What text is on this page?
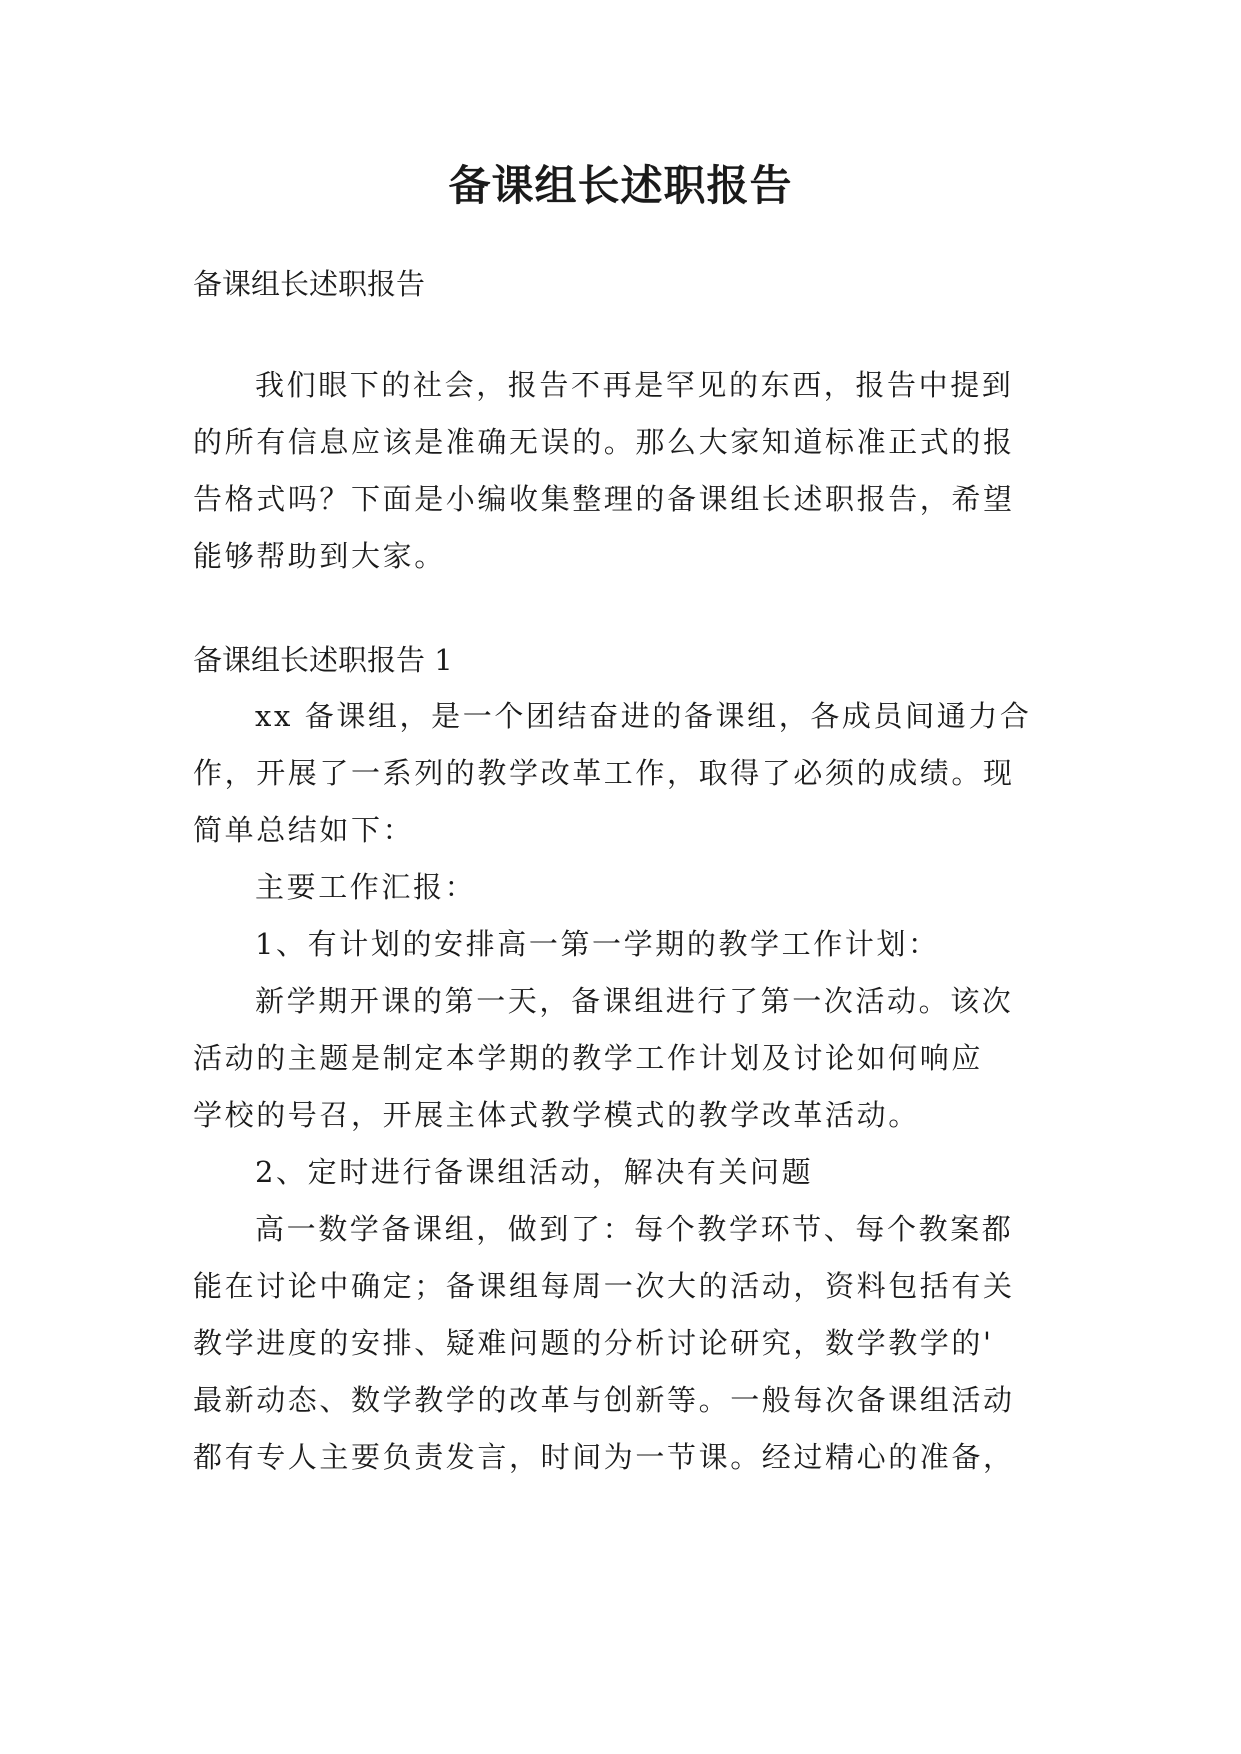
备课组长述职报告

备课组长述职报告

我们眼下的社会，报告不再是罕见的东西，报告中提到

的所有信息应该是准确无误的。那么大家知道标准正式的报

告格式吗？下面是小编收集整理的备课组长述职报告，希望

能够帮助到大家。

备课组长述职报告 1

xx 备课组，是一个团结奋进的备课组，各成员间通力合

作，开展了一系列的教学改革工作，取得了必须的成绩。现

简单总结如下：

主要工作汇报：

1、有计划的安排高一第一学期的教学工作计划：

新学期开课的第一天，备课组进行了第一次活动。该次

活动的主题是制定本学期的教学工作计划及讨论如何响应

学校的号召，开展主体式教学模式的教学改革活动。

2、定时进行备课组活动，解决有关问题

高一数学备课组，做到了：每个教学环节、每个教案都

能在讨论中确定；备课组每周一次大的活动，资料包括有关

教学进度的安排、疑难问题的分析讨论研究，数学教学的'

最新动态、数学教学的改革与创新等。一般每次备课组活动

都有专人主要负责发言，时间为一节课。经过精心的准备，
